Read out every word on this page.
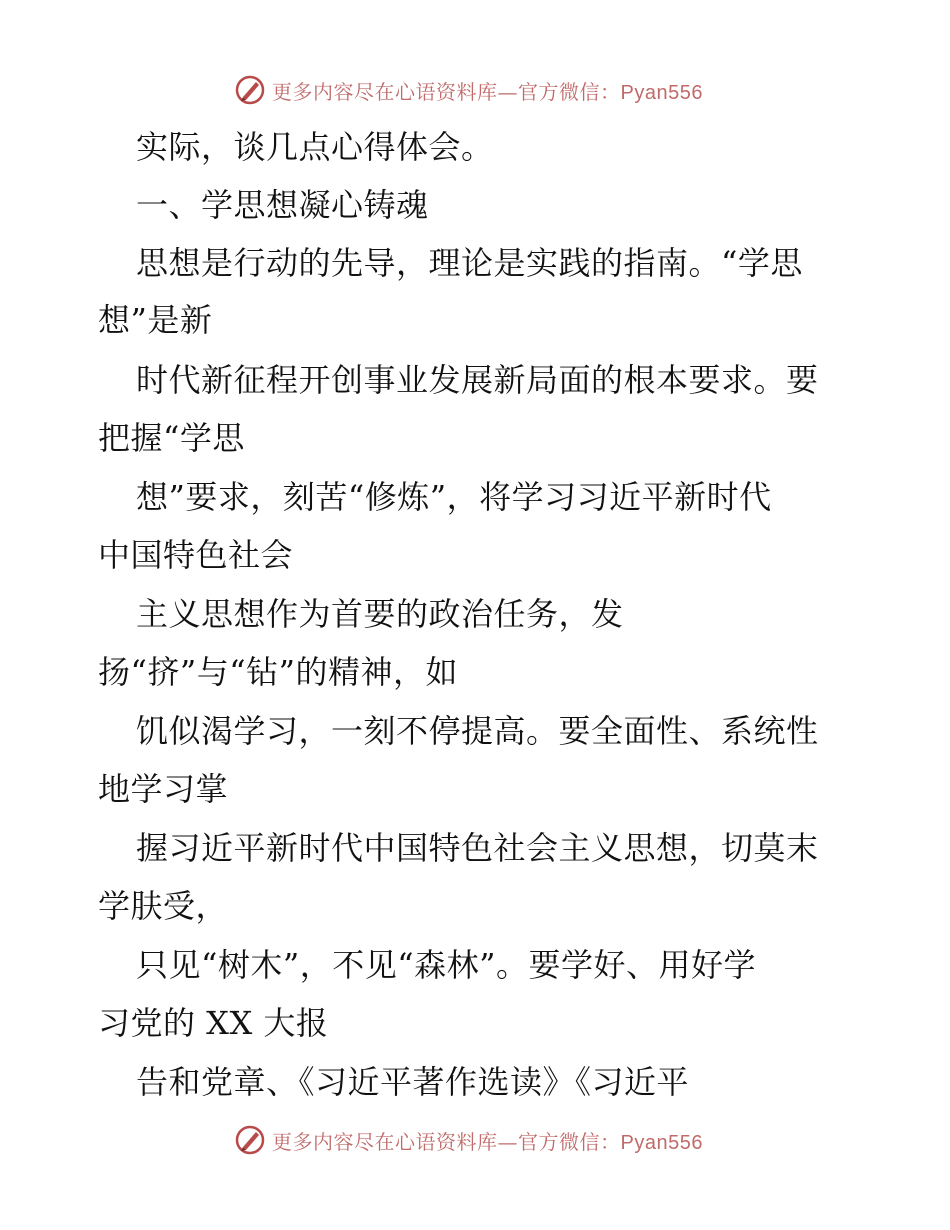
更多内容尽在心语资料库—官方微信：Pyan556
实际，谈几点心得体会。
一、学思想凝心铸魂
思想是行动的先导，理论是实践的指南。“学思
想”是新
时代新征程开创事业发展新局面的根本要求。要
把握“学思
想”要求，刻苦“修炼”，将学习习近平新时代
中国特色社会
主义思想作为首要的政治任务，发
扬“挤”与“钻”的精神，如
饥似渴学习，一刻不停提高。要全面性、系统性
地学习掌
握习近平新时代中国特色社会主义思想，切莫末
学肤受，
只见“树木”，不见“森林”。要学好、用好学
习党的 XX 大报
告和党章、《习近平著作选读》《习近平
更多内容尽在心语资料库—官方微信：Pyan556
